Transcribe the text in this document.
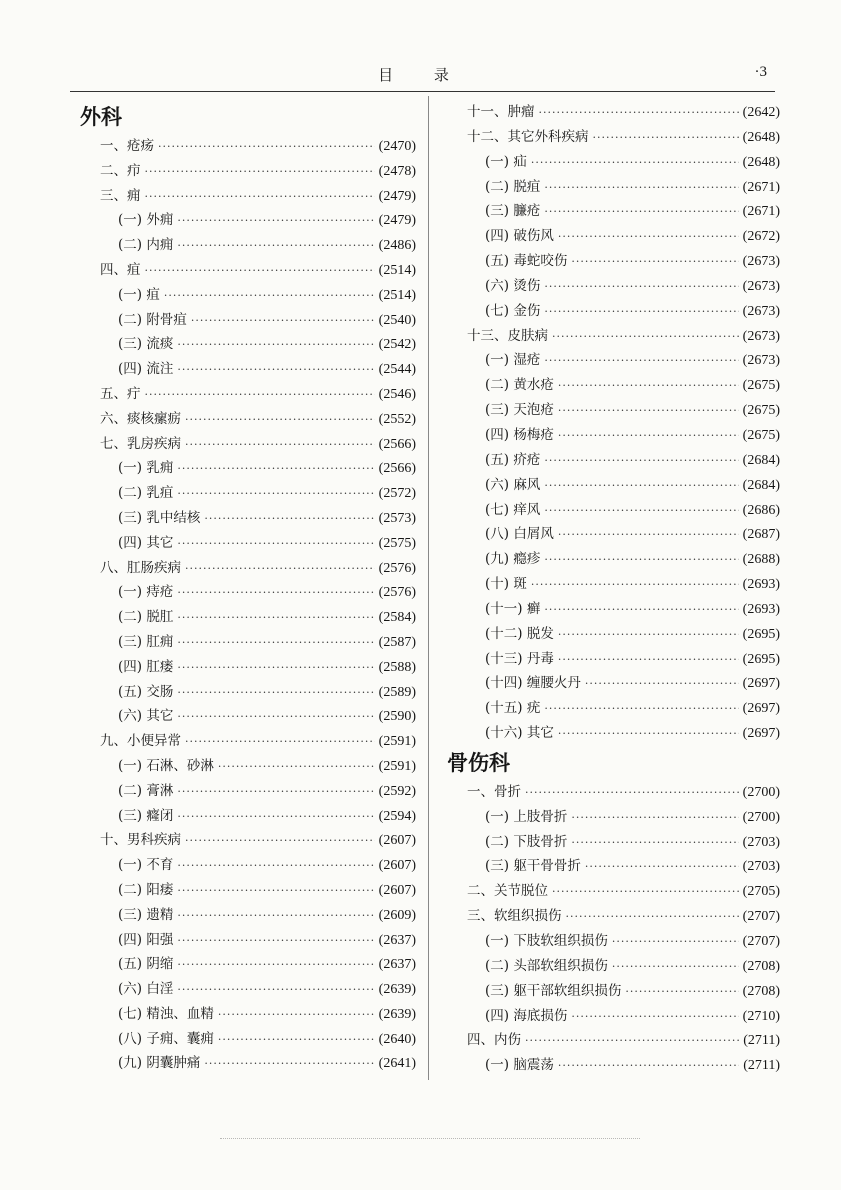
目 录	·3
外科
一、疮疡 ·····	(2470)
二、疖 ·····	(2478)
三、痈 ·····	(2479)
(一) 外痈 ·····	(2479)
(二) 内痈 ·····	(2486)
四、疽 ·····	(2514)
(一) 疽 ·····	(2514)
(二) 附骨疽 ·····	(2540)
(三) 流痰 ·····	(2542)
(四) 流注 ·····	(2544)
五、疔 ·····	(2546)
六、痰核瘰疬 ·····	(2552)
七、乳房疾病 ·····	(2566)
(一) 乳痈 ·····	(2566)
(二) 乳疽 ·····	(2572)
(三) 乳中结核 ·····	(2573)
(四) 其它 ·····	(2575)
八、肛肠疾病 ·····	(2576)
(一) 痔疮 ·····	(2576)
(二) 脱肛 ·····	(2584)
(三) 肛痈 ·····	(2587)
(四) 肛瘘 ·····	(2588)
(五) 交肠 ·····	(2589)
(六) 其它 ·····	(2590)
九、小便异常 ·····	(2591)
(一) 石淋、砂淋 ·····	(2591)
(二) 膏淋 ·····	(2592)
(三) 癃闭 ·····	(2594)
十、男科疾病 ·····	(2607)
(一) 不育 ·····	(2607)
(二) 阳痿 ·····	(2607)
(三) 遗精 ·····	(2609)
(四) 阳强 ·····	(2637)
(五) 阴缩 ·····	(2637)
(六) 白淫 ·····	(2639)
(七) 精浊、血精 ·····	(2639)
(八) 子痈、囊痈 ·····	(2640)
(九) 阴囊肿痛 ·····	(2641)
十一、肿瘤 ·····	(2642)
十二、其它外科疾病 ·····	(2648)
(一) 疝 ·····	(2648)
(二) 脱疽 ·····	(2671)
(三) 臁疮 ·····	(2671)
(四) 破伤风 ·····	(2672)
(五) 毒蛇咬伤 ·····	(2673)
(六) 烫伤 ·····	(2673)
(七) 金伤 ·····	(2673)
十三、皮肤病 ·····	(2673)
(一) 湿疮 ·····	(2673)
(二) 黄水疮 ·····	(2675)
(三) 天泡疮 ·····	(2675)
(四) 杨梅疮 ·····	(2675)
(五) 疥疮 ·····	(2684)
(六) 麻风 ·····	(2684)
(七) 痒风 ·····	(2686)
(八) 白屑风 ·····	(2687)
(九) 瘾疹 ·····	(2688)
(十) 斑 ·····	(2693)
(十一) 癣 ·····	(2693)
(十二) 脱发 ·····	(2695)
(十三) 丹毒 ·····	(2695)
(十四) 缠腰火丹 ·····	(2697)
(十五) 疣 ·····	(2697)
(十六) 其它 ·····	(2697)
骨伤科
一、骨折 ·····	(2700)
(一) 上肢骨折 ·····	(2700)
(二) 下肢骨折 ·····	(2703)
(三) 躯干骨骨折 ·····	(2703)
二、关节脱位 ·····	(2705)
三、软组织损伤 ·····	(2707)
(一) 下肢软组织损伤 ·····	(2707)
(二) 头部软组织损伤 ·····	(2708)
(三) 躯干部软组织损伤 ·····	(2708)
(四) 海底损伤 ·····	(2710)
四、内伤 ·····	(2711)
(一) 脑震荡 ·····	(2711)
